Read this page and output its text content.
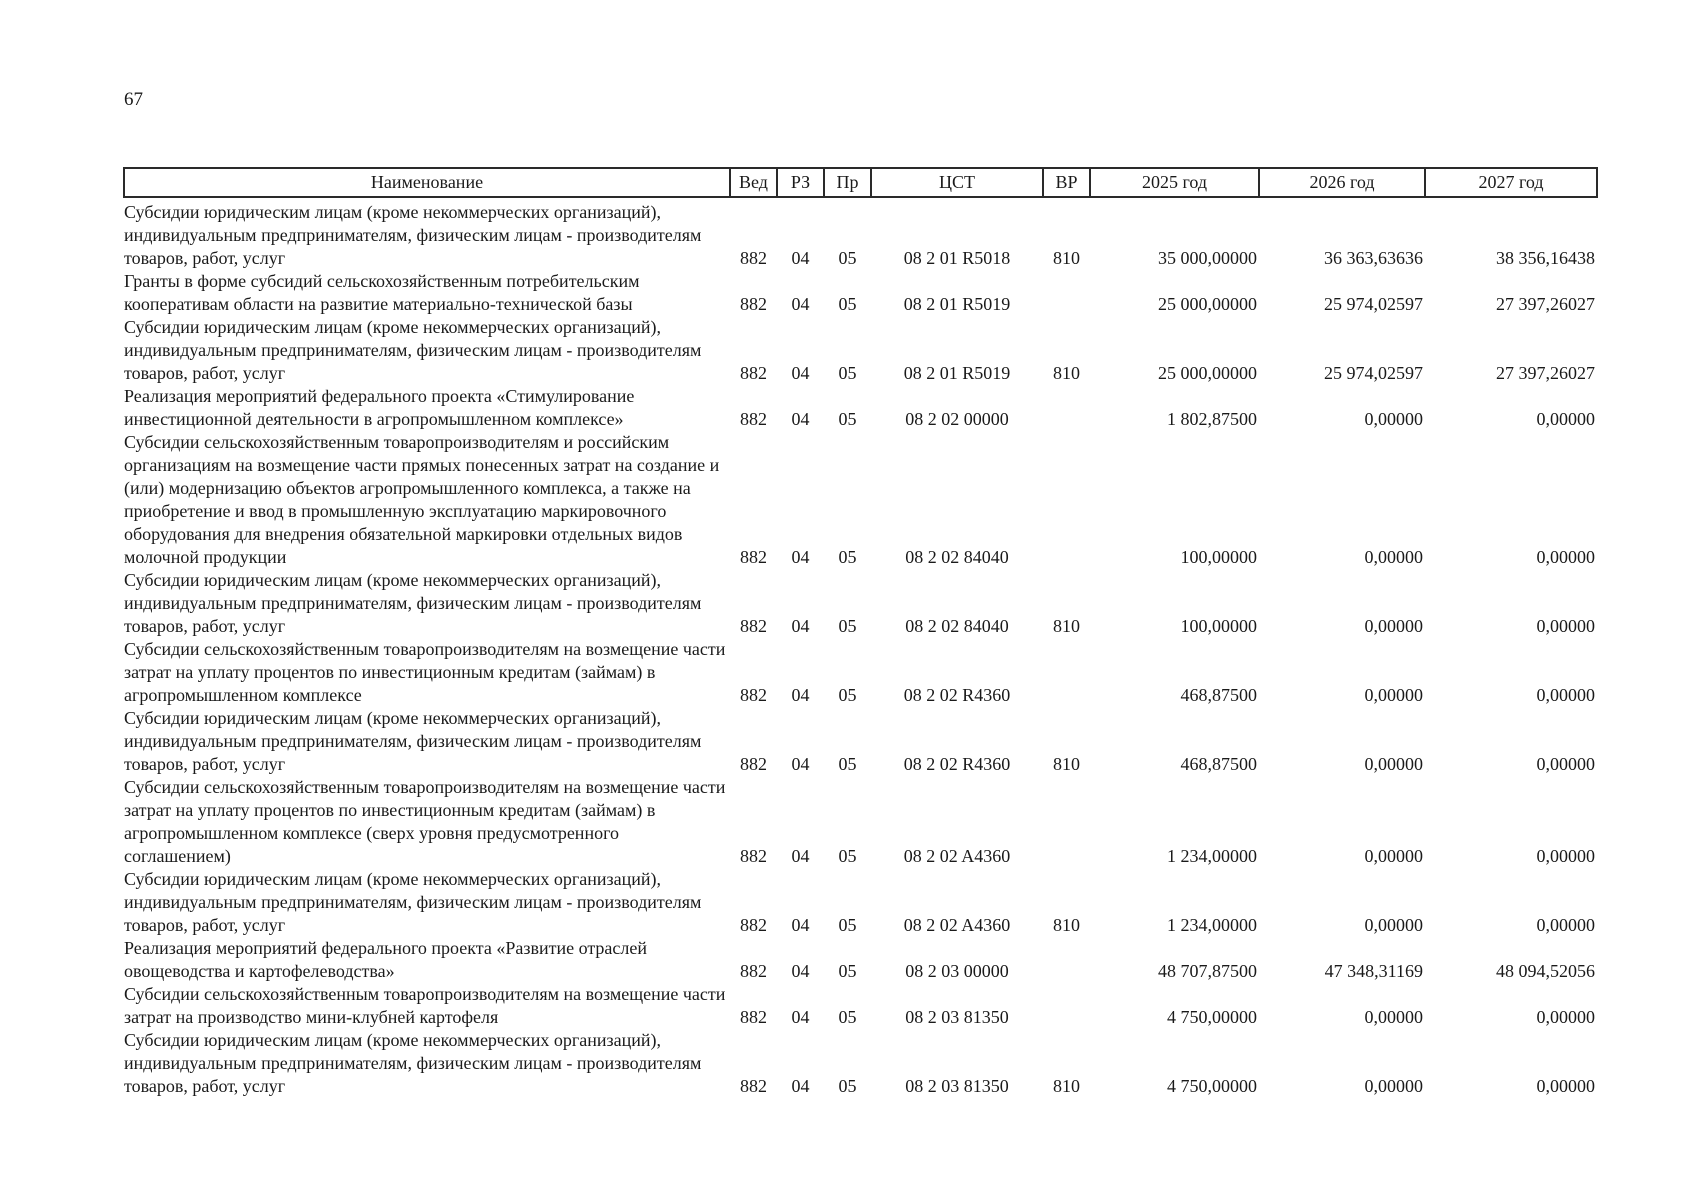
67
Наименование	Вед	РЗ	Пр	ЦСТ	ВР	2025 год	2026 год	2027 год

Субсидии юридическим лицам (кроме некоммерческих организаций), индивидуальным предпринимателям, физическим лицам - производителям товаров, работ, услуг	882	04	05	08 2 01 R5018	810	35 000,00000	36 363,63636	38 356,16438
Гранты в форме субсидий сельскохозяйственным потребительским кооперативам области на развитие материально-технической базы	882	04	05	08 2 01 R5019		25 000,00000	25 974,02597	27 397,26027
Субсидии юридическим лицам (кроме некоммерческих организаций), индивидуальным предпринимателям, физическим лицам - производителям товаров, работ, услуг	882	04	05	08 2 01 R5019	810	25 000,00000	25 974,02597	27 397,26027
Реализация мероприятий федерального проекта «Стимулирование инвестиционной деятельности в агропромышленном комплексе»	882	04	05	08 2 02 00000		1 802,87500	0,00000	0,00000
Субсидии сельскохозяйственным товаропроизводителям и российским организациям на возмещение части прямых понесенных затрат на создание и (или) модернизацию объектов агропромышленного комплекса, а также на приобретение и ввод в промышленную эксплуатацию маркировочного оборудования для внедрения обязательной маркировки отдельных видов молочной продукции	882	04	05	08 2 02 84040		100,00000	0,00000	0,00000
Субсидии юридическим лицам (кроме некоммерческих организаций), индивидуальным предпринимателям, физическим лицам - производителям товаров, работ, услуг	882	04	05	08 2 02 84040	810	100,00000	0,00000	0,00000
Субсидии сельскохозяйственным товаропроизводителям на возмещение части затрат на уплату процентов по инвестиционным кредитам (займам) в агропромышленном комплексе	882	04	05	08 2 02 R4360		468,87500	0,00000	0,00000
Субсидии юридическим лицам (кроме некоммерческих организаций), индивидуальным предпринимателям, физическим лицам - производителям товаров, работ, услуг	882	04	05	08 2 02 R4360	810	468,87500	0,00000	0,00000
Субсидии сельскохозяйственным товаропроизводителям на возмещение части затрат на уплату процентов по инвестиционным кредитам (займам) в агропромышленном комплексе (сверх уровня предусмотренного соглашением)	882	04	05	08 2 02 A4360		1 234,00000	0,00000	0,00000
Субсидии юридическим лицам (кроме некоммерческих организаций), индивидуальным предпринимателям, физическим лицам - производителям товаров, работ, услуг	882	04	05	08 2 02 A4360	810	1 234,00000	0,00000	0,00000
Реализация мероприятий федерального проекта «Развитие отраслей овощеводства и картофелеводства»	882	04	05	08 2 03 00000		48 707,87500	47 348,31169	48 094,52056
Субсидии сельскохозяйственным товаропроизводителям на возмещение части затрат на производство мини-клубней картофеля	882	04	05	08 2 03 81350		4 750,00000	0,00000	0,00000
Субсидии юридическим лицам (кроме некоммерческих организаций), индивидуальным предпринимателям, физическим лицам - производителям товаров, работ, услуг	882	04	05	08 2 03 81350	810	4 750,00000	0,00000	0,00000
